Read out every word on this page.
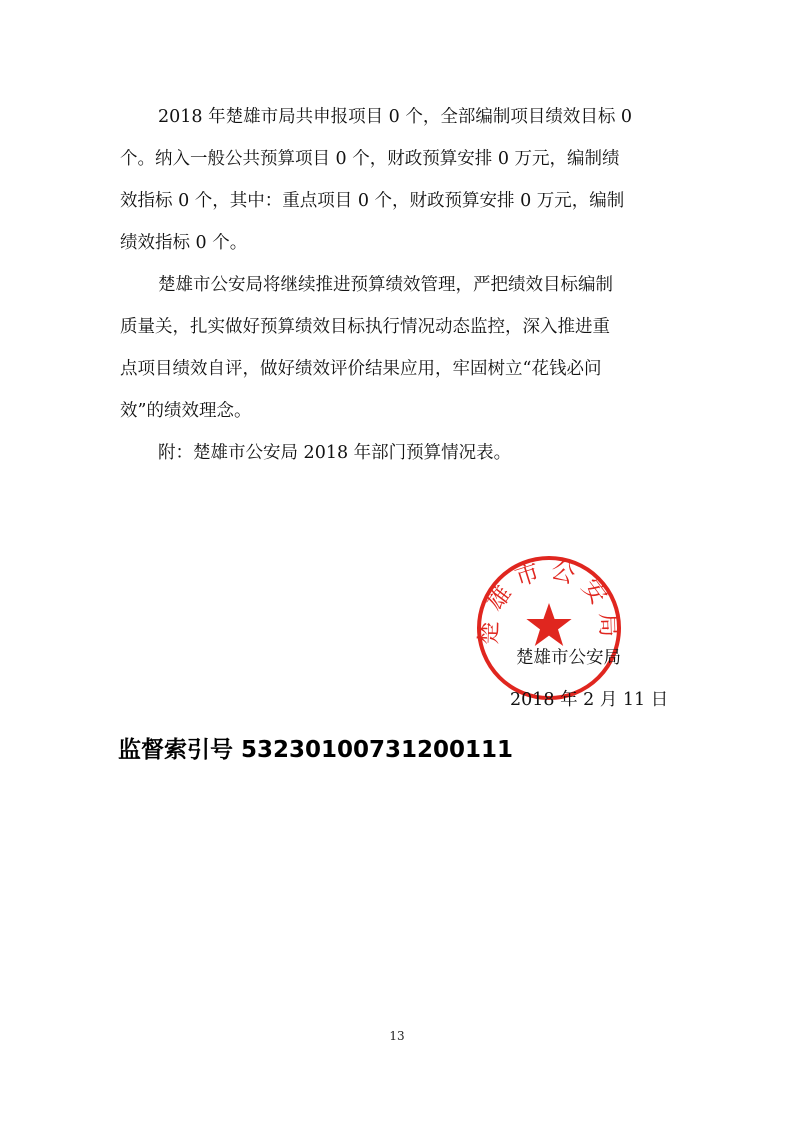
2018 年楚雄市局共申报项目 0 个，全部编制项目绩效目标 0
个。纳入一般公共预算项目 0 个，财政预算安排 0 万元，编制绩
效指标 0 个，其中：重点项目 0 个，财政预算安排 0 万元，编制
绩效指标 0 个。
楚雄市公安局将继续推进预算绩效管理，严把绩效目标编制
质量关，扎实做好预算绩效目标执行情况动态监控，深入推进重
点项目绩效自评，做好绩效评价结果应用，牢固树立“花钱必问
效”的绩效理念。
附：楚雄市公安局 2018 年部门预算情况表。
楚雄市公安局
楚雄市公安局
2018 年 2 月 11 日
监督索引号 53230100731200111
13
